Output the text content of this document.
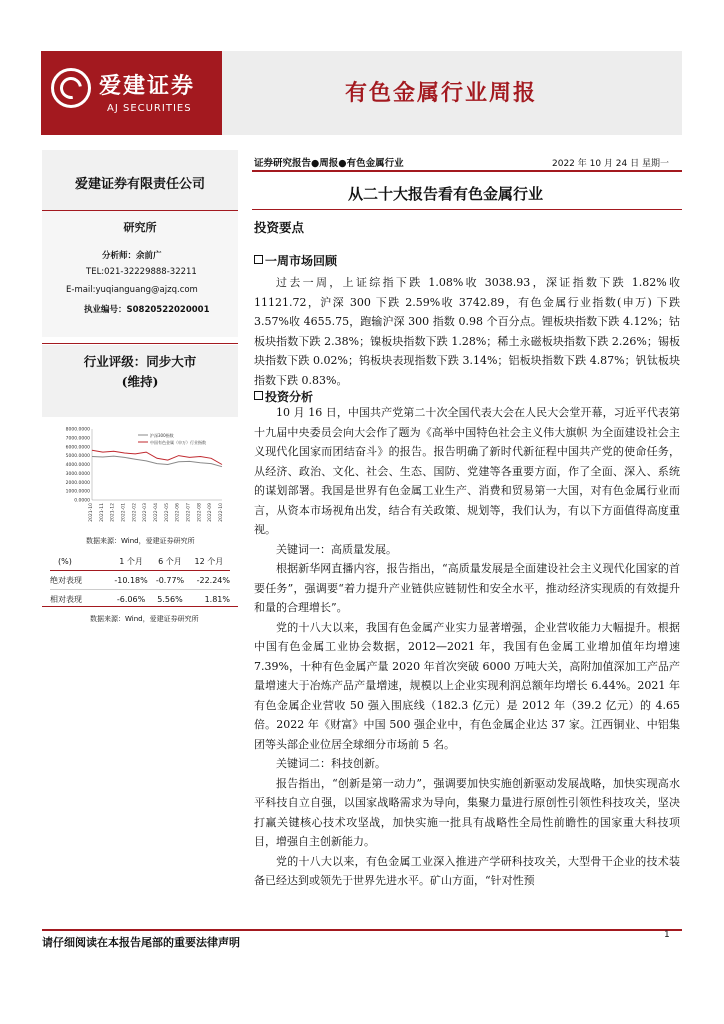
爱建证券
AJ SECURITIES
有色金属行业周报
爱建证券有限责任公司
研究所
分析师：余前广
TEL:021-32229888-32211
E-mail:yuqianguang@ajzq.com
执业编号：S0820522020001
行业评级：同步大市
(维持)
8000.0000
7000.0000
6000.0000
5000.0000
4000.0000
3000.0000
2000.0000
1000.0000
0.0000
2021-10 2021-11 2021-12 2022-01 2022-02 2022-03 2022-04 2022-05 2022-06 2022-07 2022-08 2022-09 2022-10
沪深300指数
中国有色金属（申万）行业指数
数据来源：Wind，爱建证券研究所
(%)	1 个月	6 个月	12 个月
绝对表现	-10.18%	-0.77%	-22.24%
相对表现	-6.06%	5.56%	1.81%
数据来源：Wind，爱建证券研究所
证券研究报告●周报●有色金属行业	2022 年 10 月 24 日 星期一
从二十大报告看有色金属行业
投资要点
一周市场回顾

过去一周，上证综指下跌 1.08%收 3038.93，深证指数下跌 1.82%收 11121.72，沪深 300 下跌 2.59%收 3742.89，有色金属行业指数(申万) 下跌 3.57%收 4655.75，跑输沪深 300 指数 0.98 个百分点。锂板块指数下跌 4.12%；钴板块指数下跌 2.38%；镍板块指数下跌 1.28%；稀土永磁板块指数下跌 2.26%；锡板块指数下跌 0.02%；钨板块表现指数下跌 3.14%；铝板块指数下跌 4.87%；钒钛板块指数下跌 0.83%。

投资分析

10 月 16 日，中国共产党第二十次全国代表大会在人民大会堂开幕，习近平代表第十九届中央委员会向大会作了题为《高举中国特色社会主义伟大旗帜 为全面建设社会主义现代化国家而团结奋斗》的报告。报告明确了新时代新征程中国共产党的使命任务，从经济、政治、文化、社会、生态、国防、党建等各重要方面，作了全面、深入、系统的谋划部署。我国是世界有色金属工业生产、消费和贸易第一大国，对有色金属行业而言，从资本市场视角出发，结合有关政策、规划等，我们认为，有以下方面值得高度重视。

关键词一：高质量发展。

根据新华网直播内容，报告指出，“高质量发展是全面建设社会主义现代化国家的首要任务”，强调要“着力提升产业链供应链韧性和安全水平，推动经济实现质的有效提升和量的合理增长”。

党的十八大以来，我国有色金属产业实力显著增强，企业营收能力大幅提升。根据中国有色金属工业协会数据，2012—2021 年，我国有色金属工业增加值年均增速 7.39%，十种有色金属产量 2020 年首次突破 6000 万吨大关，高附加值深加工产品产量增速大于冶炼产品产量增速，规模以上企业实现利润总额年均增长 6.44%。2021 年有色金属企业营收 50 强入围底线（182.3 亿元）是 2012 年（39.2 亿元）的 4.65 倍。2022 年《财富》中国 500 强企业中，有色金属企业达 37 家。江西铜业、中铝集团等头部企业位居全球细分市场前 5 名。

关键词二：科技创新。

报告指出，“创新是第一动力”，强调要加快实施创新驱动发展战略，加快实现高水平科技自立自强，以国家战略需求为导向，集聚力量进行原创性引领性科技攻关，坚决打赢关键核心技术攻坚战，加快实施一批具有战略性全局性前瞻性的国家重大科技项目，增强自主创新能力。

党的十八大以来，有色金属工业深入推进产学研科技攻关，大型骨干企业的技术装备已经达到或领先于世界先进水平。矿山方面，“针对性预

请仔细阅读在本报告尾部的重要法律声明
1
